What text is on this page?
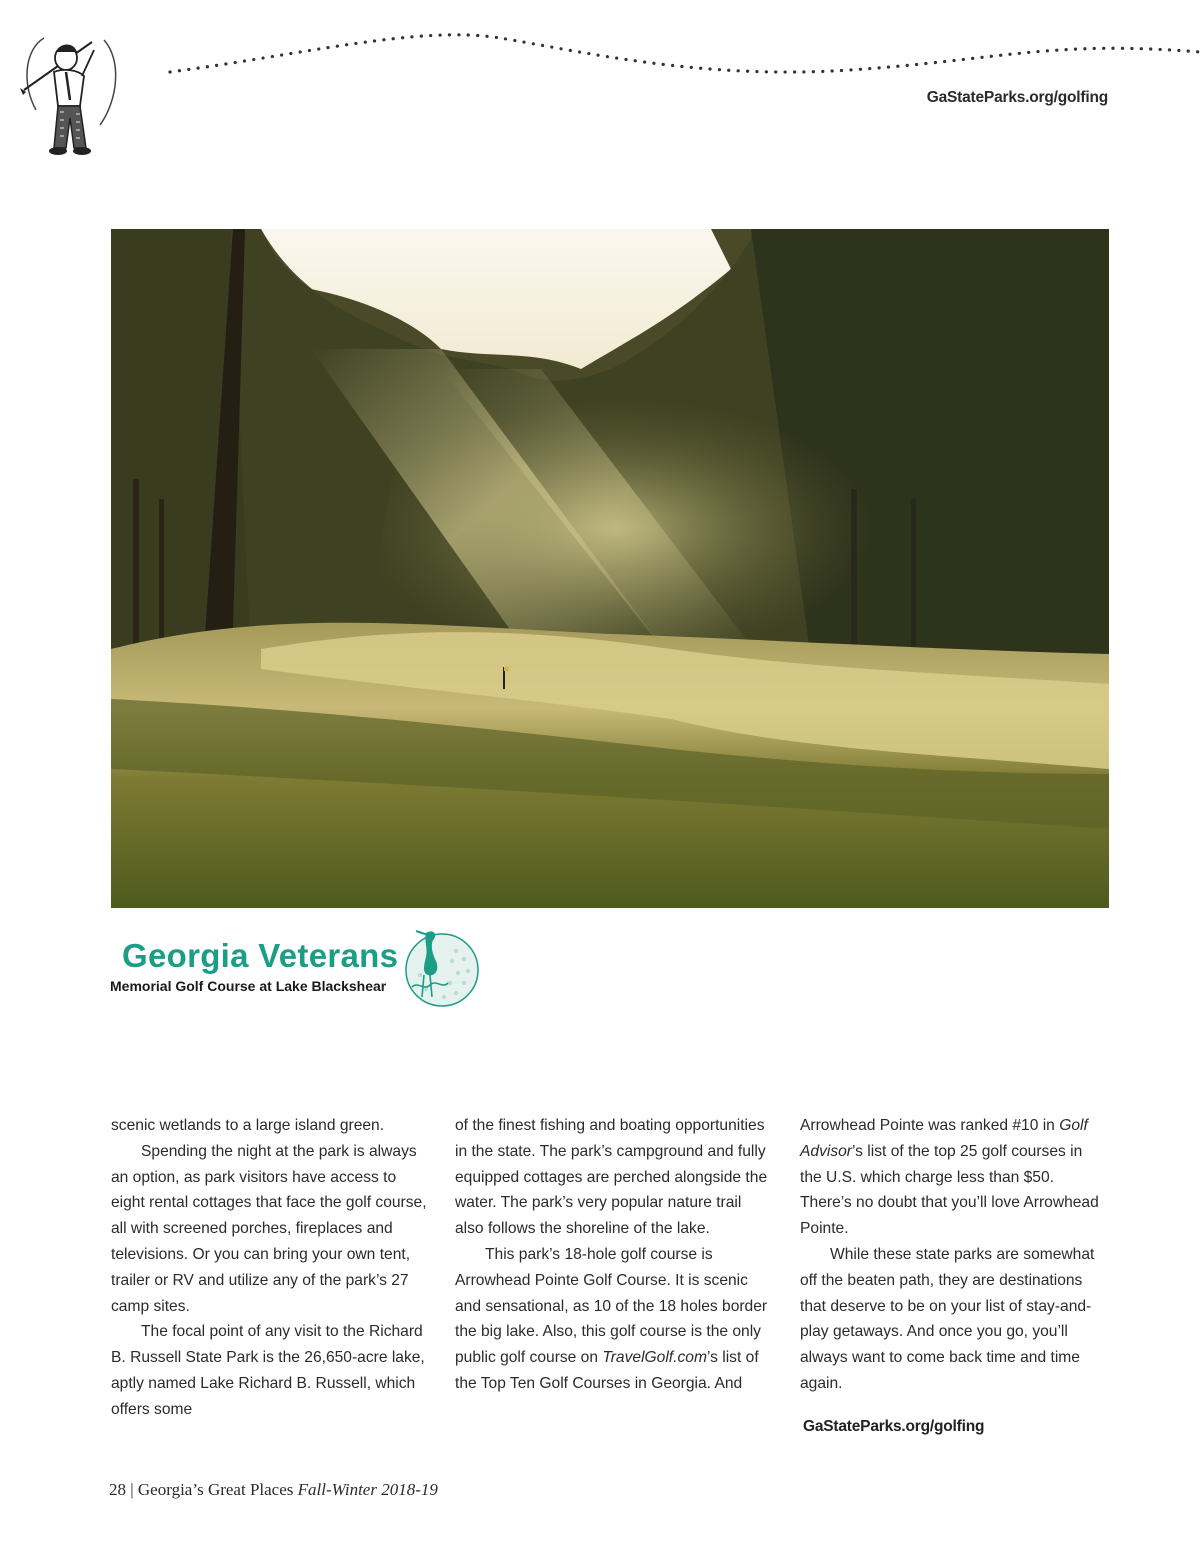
GaStateParks.org/golfing
Georgia Veterans
Memorial Golf Course at Lake Blackshear

scenic wetlands to a large island green.

Spending the night at the park is always an option, as park visitors have access to eight rental cottages that face the golf course, all with screened porches, fireplaces and televisions. Or you can bring your own tent, trailer or RV and utilize any of the park’s 27 camp sites.

The focal point of any visit to the Richard B. Russell State Park is the 26,650-acre lake, aptly named Lake Richard B. Russell, which offers some

of the finest fishing and boating opportunities in the state. The park’s campground and fully equipped cottages are perched alongside the water. The park’s very popular nature trail also follows the shoreline of the lake.

This park’s 18-hole golf course is Arrowhead Pointe Golf Course. It is scenic and sensational, as 10 of the 18 holes border the big lake. Also, this golf course is the only public golf course on TravelGolf.com’s list of the Top Ten Golf Courses in Georgia. And

Arrowhead Pointe was ranked #10 in Golf Advisor’s list of the top 25 golf courses in the U.S. which charge less than $50. There’s no doubt that you’ll love Arrowhead Pointe.

While these state parks are somewhat off the beaten path, they are destinations that deserve to be on your list of stay-and-play getaways. And once you go, you’ll always want to come back time and time again.

GaStateParks.org/golfing
28 | Georgia’s Great Places Fall-Winter 2018-19
